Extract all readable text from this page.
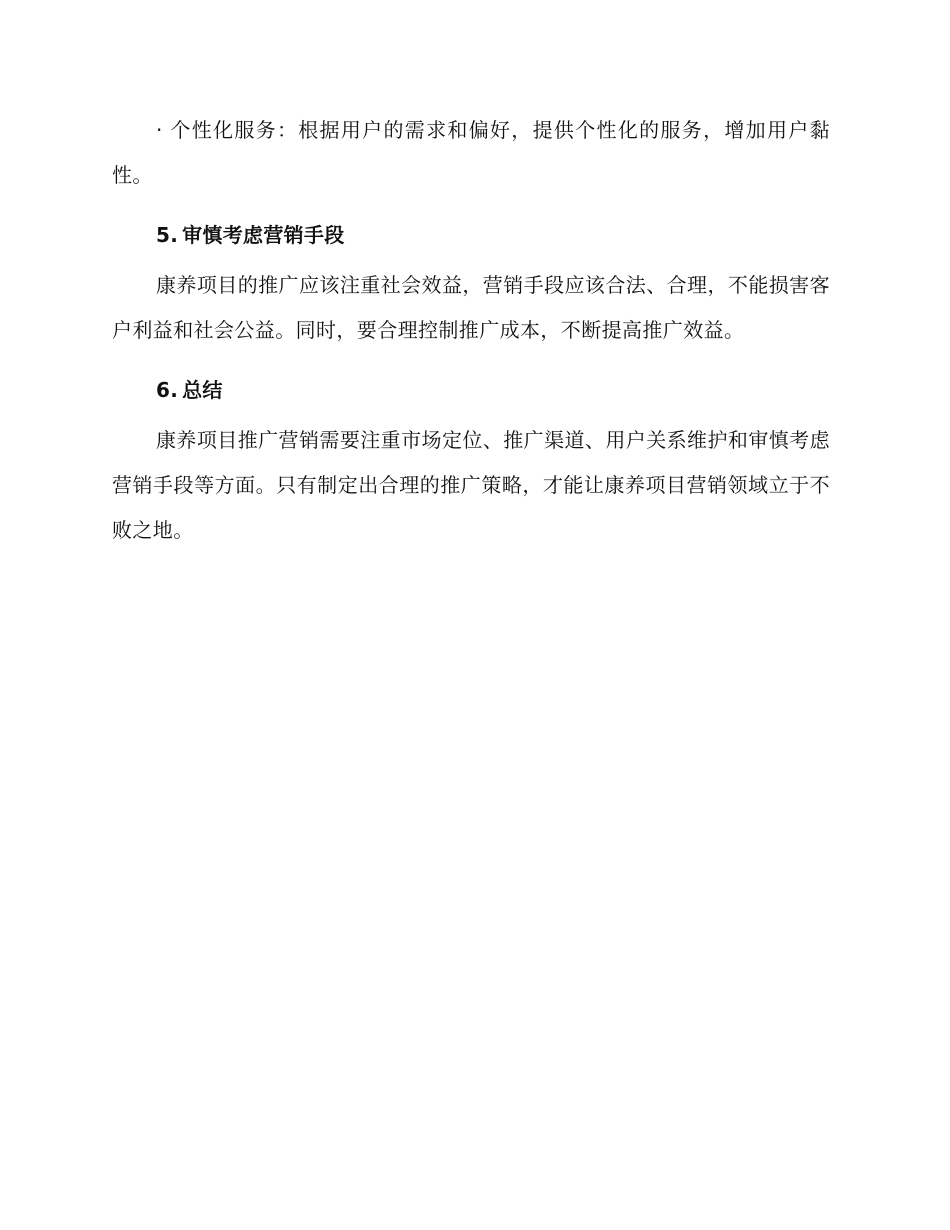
· 个性化服务：根据用户的需求和偏好，提供个性化的服务，增加用户黏性。

5. 审慎考虑营销手段

康养项目的推广应该注重社会效益，营销手段应该合法、合理，不能损害客户利益和社会公益。同时，要合理控制推广成本，不断提高推广效益。

6. 总结

康养项目推广营销需要注重市场定位、推广渠道、用户关系维护和审慎考虑营销手段等方面。只有制定出合理的推广策略，才能让康养项目营销领域立于不败之地。
